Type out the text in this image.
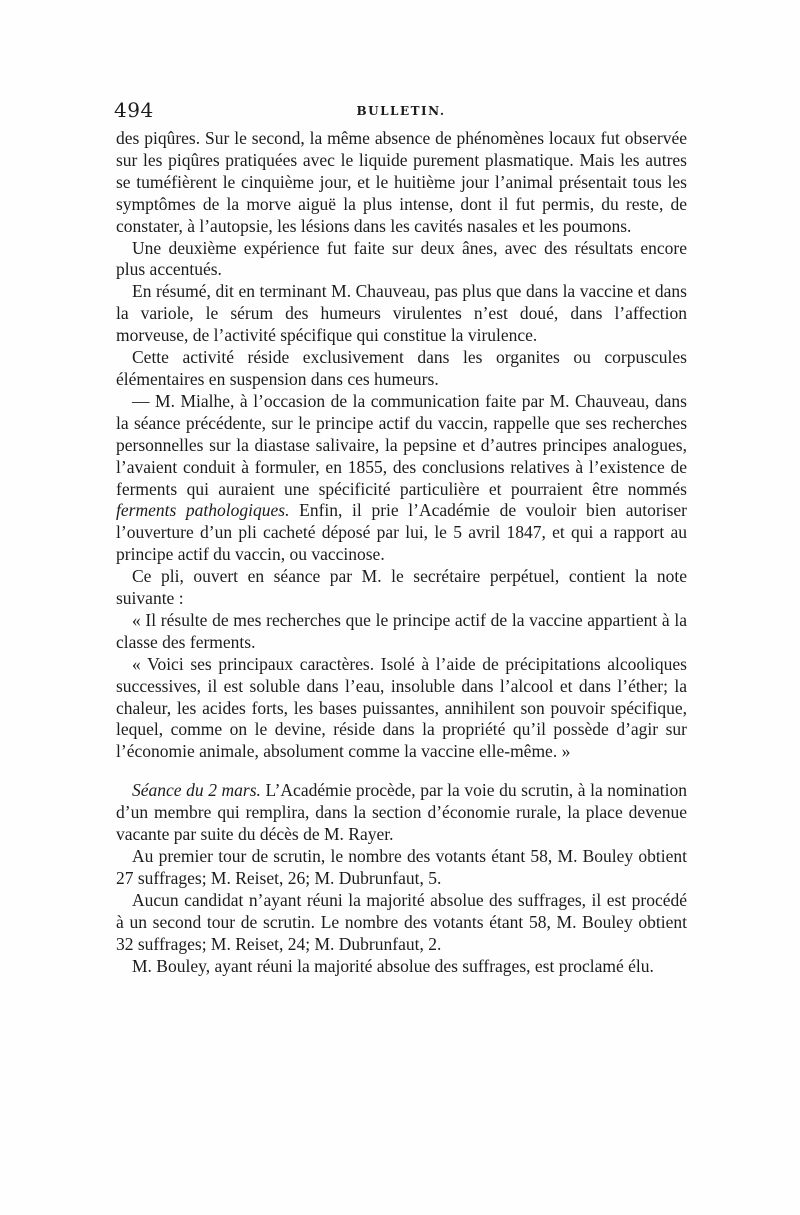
494	BULLETIN.

des piqûres. Sur le second, la même absence de phénomènes locaux fut observée sur les piqûres pratiquées avec le liquide purement plasmatique. Mais les autres se tuméfièrent le cinquième jour, et le huitième jour l’animal présentait tous les symptômes de la morve aiguë la plus intense, dont il fut permis, du reste, de constater, à l’autopsie, les lésions dans les cavités nasales et les poumons.

Une deuxième expérience fut faite sur deux ânes, avec des résultats encore plus accentués.

En résumé, dit en terminant M. Chauveau, pas plus que dans la vaccine et dans la variole, le sérum des humeurs virulentes n’est doué, dans l’affection morveuse, de l’activité spécifique qui constitue la virulence.

Cette activité réside exclusivement dans les organites ou corpuscules élémentaires en suspension dans ces humeurs.

— M. Mialhe, à l’occasion de la communication faite par M. Chauveau, dans la séance précédente, sur le principe actif du vaccin, rappelle que ses recherches personnelles sur la diastase salivaire, la pepsine et d’autres principes analogues, l’avaient conduit à formuler, en 1855, des conclusions relatives à l’existence de ferments qui auraient une spécificité particulière et pourraient être nommés ferments pathologiques. Enfin, il prie l’Académie de vouloir bien autoriser l’ouverture d’un pli cacheté déposé par lui, le 5 avril 1847, et qui a rapport au principe actif du vaccin, ou vaccinose.

Ce pli, ouvert en séance par M. le secrétaire perpétuel, contient la note suivante :

« Il résulte de mes recherches que le principe actif de la vaccine appartient à la classe des ferments.

« Voici ses principaux caractères. Isolé à l’aide de précipitations alcooliques successives, il est soluble dans l’eau, insoluble dans l’alcool et dans l’éther; la chaleur, les acides forts, les bases puissantes, annihilent son pouvoir spécifique, lequel, comme on le devine, réside dans la propriété qu’il possède d’agir sur l’économie animale, absolument comme la vaccine elle-même. »

Séance du 2 mars. L’Académie procède, par la voie du scrutin, à la nomination d’un membre qui remplira, dans la section d’économie rurale, la place devenue vacante par suite du décès de M. Rayer.

Au premier tour de scrutin, le nombre des votants étant 58, M. Bouley obtient 27 suffrages; M. Reiset, 26; M. Dubrunfaut, 5.

Aucun candidat n’ayant réuni la majorité absolue des suffrages, il est procédé à un second tour de scrutin. Le nombre des votants étant 58, M. Bouley obtient 32 suffrages; M. Reiset, 24; M. Dubrunfaut, 2.

M. Bouley, ayant réuni la majorité absolue des suffrages, est proclamé élu.
